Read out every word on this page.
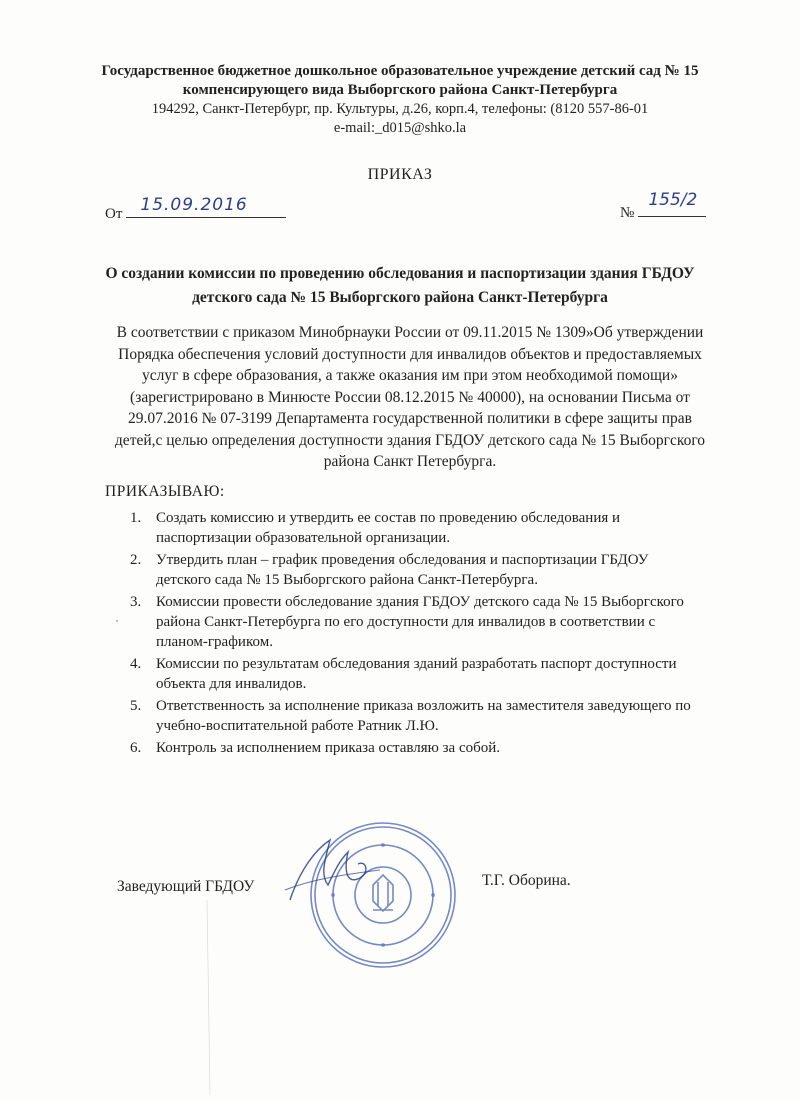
Государственное бюджетное дошкольное образовательное учреждение детский сад № 15
компенсирующего вида Выборгского района Санкт-Петербурга
194292, Санкт-Петербург, пр. Культуры, д.26, корп.4, телефоны: (8120 557-86-01
e-mail:_d015@shko.la
ПРИКАЗ
От 15.09.2016	№
155/2
О создании комиссии по проведению обследования и паспортизации здания ГБДОУ
детского сада № 15 Выборгского района Санкт-Петербурга
В соответствии с приказом Минобрнауки России от 09.11.2015 № 1309»Об утверждении
Порядка обеспечения условий доступности для инвалидов объектов и предоставляемых
услуг в сфере образования, а также оказания им при этом необходимой помощи»
(зарегистрировано в Минюсте России 08.12.2015 № 40000), на основании Письма от
29.07.2016 № 07-3199 Департамента государственной политики в сфере защиты прав
детей,с целью определения доступности здания ГБДОУ детского сада № 15 Выборгского
района Санкт Петербурга.
ПРИКАЗЫВАЮ:
1. Создать комиссию и утвердить ее состав по проведению обследования и
паспортизации образовательной организации.
2. Утвердить план – график проведения обследования и паспортизации ГБДОУ
детского сада № 15 Выборгского района Санкт-Петербурга.
3. Комиссии провести обследование здания ГБДОУ детского сада № 15 Выборгского
района Санкт-Петербурга по его доступности для инвалидов в соответствии с
планом-графиком.
4. Комиссии по результатам обследования зданий разработать паспорт доступности
объекта для инвалидов.
5. Ответственность за исполнение приказа возложить на заместителя заведующего по
учебно-воспитательной работе Ратник Л.Ю.
6. Контроль за исполнением приказа оставляю за собой.
Заведующий ГБДОУ	Т.Г. Оборина.
